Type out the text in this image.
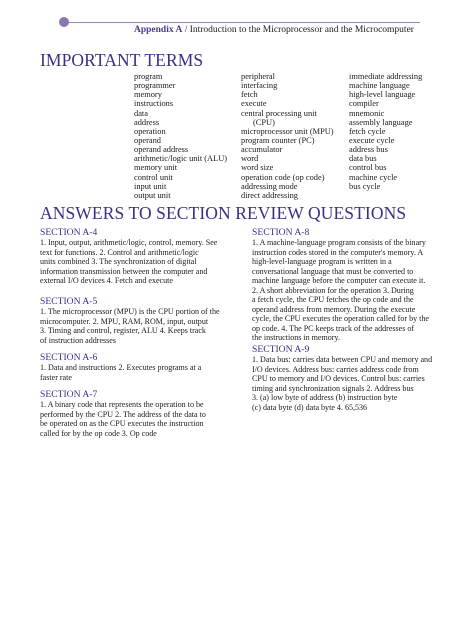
Appendix A / Introduction to the Microprocessor and the Microcomputer
IMPORTANT TERMS
program
programmer
memory
instructions
data
address
operation
operand
operand address
arithmetic/logic unit (ALU)
memory unit
control unit
input unit
output unit
peripheral
interfacing
fetch
execute
central processing unit
(CPU)
microprocessor unit (MPU)
program counter (PC)
accumulator
word
word size
operation code (op code)
addressing mode
direct addressing
immediate addressing
machine language
high-level language
compiler
mnemonic
assembly language
fetch cycle
execute cycle
address bus
data bus
control bus
machine cycle
bus cycle
ANSWERS TO SECTION REVIEW QUESTIONS
SECTION A-4
1. Input, output, arithmetic/logic, control, memory. See
text for functions. 2. Control and arithmetic/logic
units combined 3. The synchronization of digital
information transmission between the computer and
external I/O devices 4. Fetch and execute
SECTION A-5
1. The microprocessor (MPU) is the CPU portion of the
microcomputer. 2. MPU, RAM, ROM, input, output
3. Timing and control, register, ALU 4. Keeps track
of instruction addresses
SECTION A-6
1. Data and instructions 2. Executes programs at a
faster rate
SECTION A-7
1. A binary code that represents the operation to be
performed by the CPU 2. The address of the data to
be operated on as the CPU executes the instruction
called for by the op code 3. Op code
SECTION A-8
1. A machine-language program consists of the binary
instruction codes stored in the computer's memory. A
high-level-language program is written in a
conversational language that must be converted to
machine language before the computer can execute it.
2. A short abbreviation for the operation 3. During
a fetch cycle, the CPU fetches the op code and the
operand address from memory. During the execute
cycle, the CPU executes the operation called for by the
op code. 4. The PC keeps track of the addresses of
the instructions in memory.
SECTION A-9
1. Data bus: carries data between CPU and memory and
I/O devices. Address bus: carries address code from
CPU to memory and I/O devices. Control bus: carries
timing and synchronization signals 2. Address bus
3. (a) low byte of address (b) instruction byte
(c) data byte (d) data byte 4. 65,536
